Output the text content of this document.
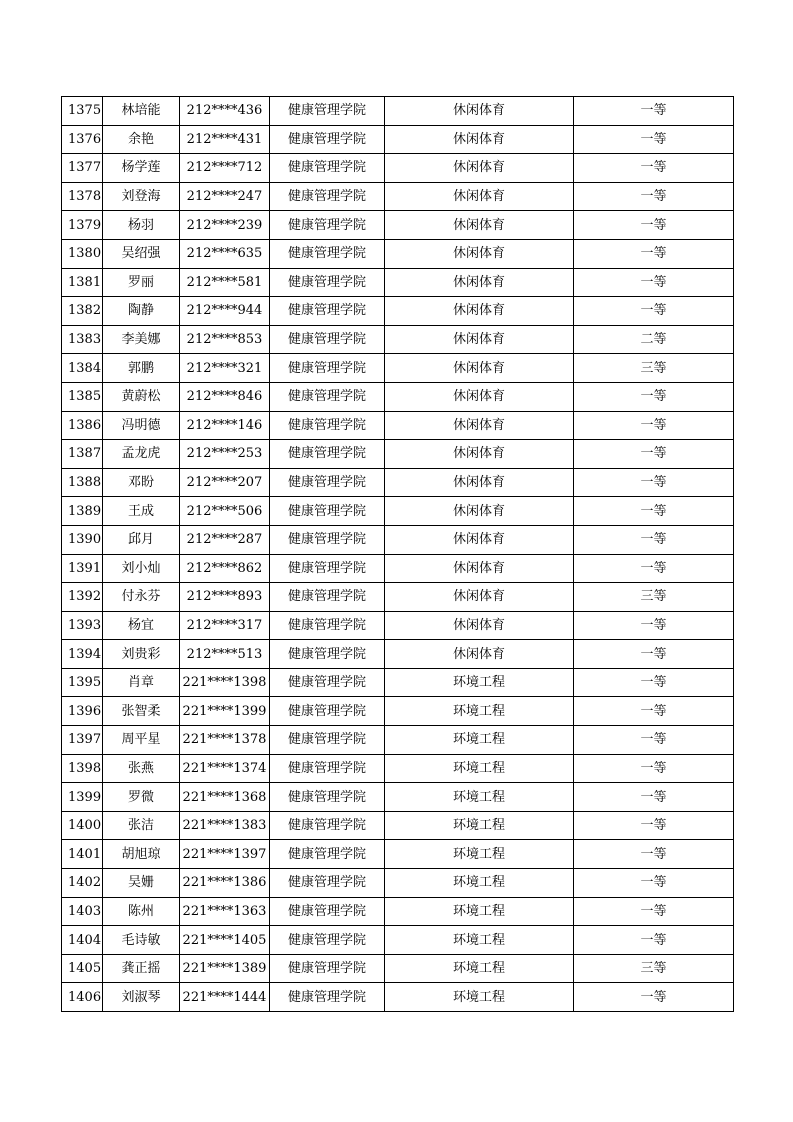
1375	林培能	212****436	健康管理学院	休闲体育	一等
1376	余艳	212****431	健康管理学院	休闲体育	一等
1377	杨学莲	212****712	健康管理学院	休闲体育	一等
1378	刘登海	212****247	健康管理学院	休闲体育	一等
1379	杨羽	212****239	健康管理学院	休闲体育	一等
1380	吴绍强	212****635	健康管理学院	休闲体育	一等
1381	罗丽	212****581	健康管理学院	休闲体育	一等
1382	陶静	212****944	健康管理学院	休闲体育	一等
1383	李美娜	212****853	健康管理学院	休闲体育	二等
1384	郭鹏	212****321	健康管理学院	休闲体育	三等
1385	黄蔚松	212****846	健康管理学院	休闲体育	一等
1386	冯明德	212****146	健康管理学院	休闲体育	一等
1387	孟龙虎	212****253	健康管理学院	休闲体育	一等
1388	邓盼	212****207	健康管理学院	休闲体育	一等
1389	王成	212****506	健康管理学院	休闲体育	一等
1390	邱月	212****287	健康管理学院	休闲体育	一等
1391	刘小灿	212****862	健康管理学院	休闲体育	一等
1392	付永芬	212****893	健康管理学院	休闲体育	三等
1393	杨宜	212****317	健康管理学院	休闲体育	一等
1394	刘贵彩	212****513	健康管理学院	休闲体育	一等
1395	肖章	221****1398	健康管理学院	环境工程	一等
1396	张智柔	221****1399	健康管理学院	环境工程	一等
1397	周平星	221****1378	健康管理学院	环境工程	一等
1398	张燕	221****1374	健康管理学院	环境工程	一等
1399	罗微	221****1368	健康管理学院	环境工程	一等
1400	张洁	221****1383	健康管理学院	环境工程	一等
1401	胡旭琼	221****1397	健康管理学院	环境工程	一等
1402	吴姗	221****1386	健康管理学院	环境工程	一等
1403	陈州	221****1363	健康管理学院	环境工程	一等
1404	毛诗敏	221****1405	健康管理学院	环境工程	一等
1405	龚正摇	221****1389	健康管理学院	环境工程	三等
1406	刘淑琴	221****1444	健康管理学院	环境工程	一等
